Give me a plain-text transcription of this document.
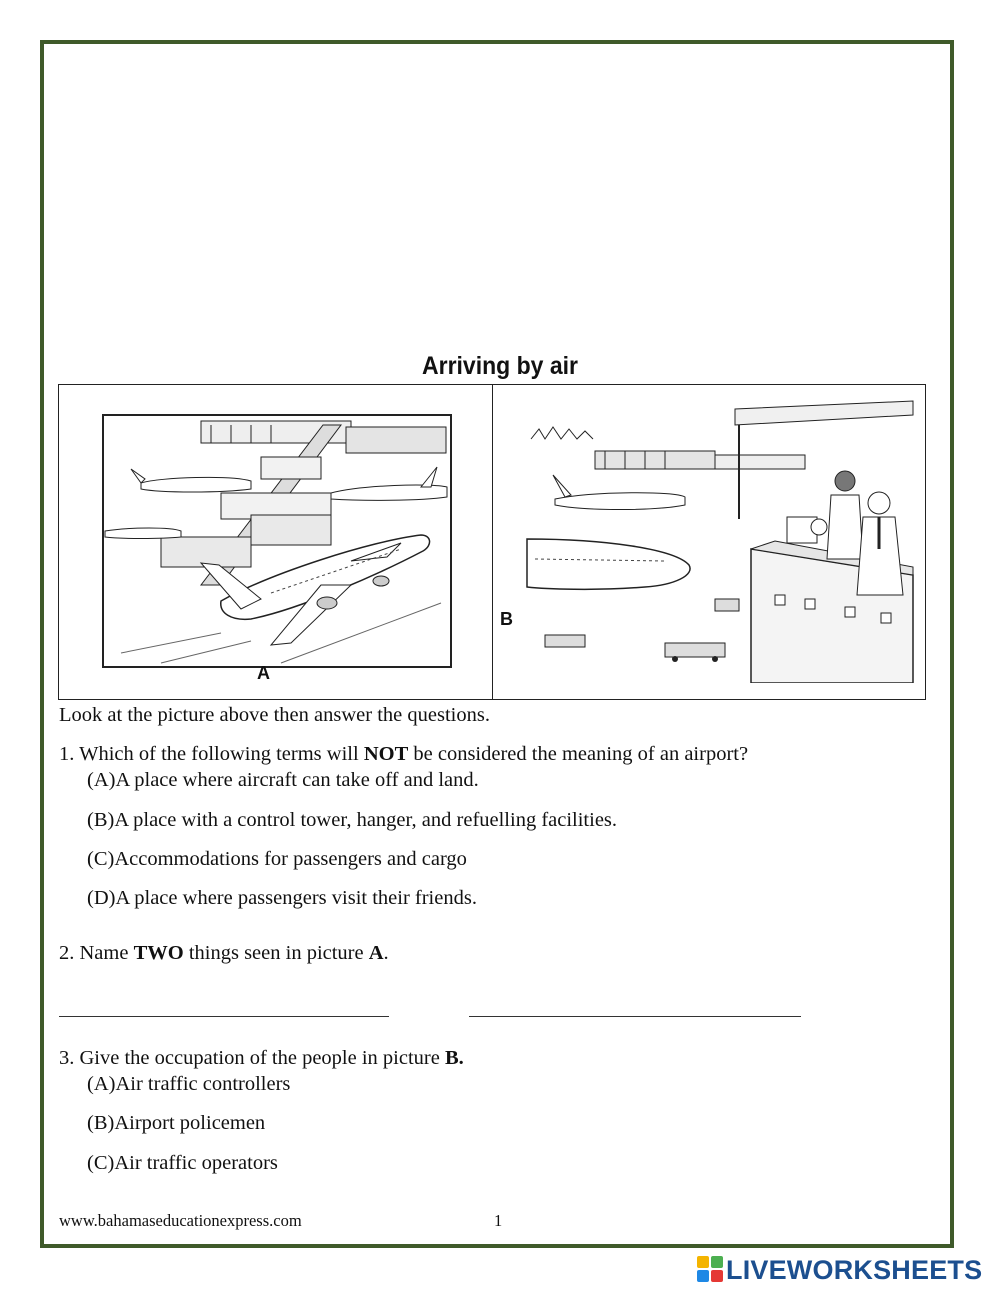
Arriving by air
A
B
Look at the picture above then answer the questions.
1. Which of the following terms will NOT be considered the meaning of an airport?
(A)A place where aircraft can take off and land.
(B)A place with a control tower, hanger, and refuelling facilities.
(C)Accommodations for passengers and cargo
(D)A place where passengers visit their friends.
2. Name TWO things seen in picture A.
3. Give the occupation of the people in picture B.
(A)Air traffic controllers
(B)Airport policemen
(C)Air traffic operators
www.bahamaseducationexpress.com	1
LIVEWORKSHEETS
